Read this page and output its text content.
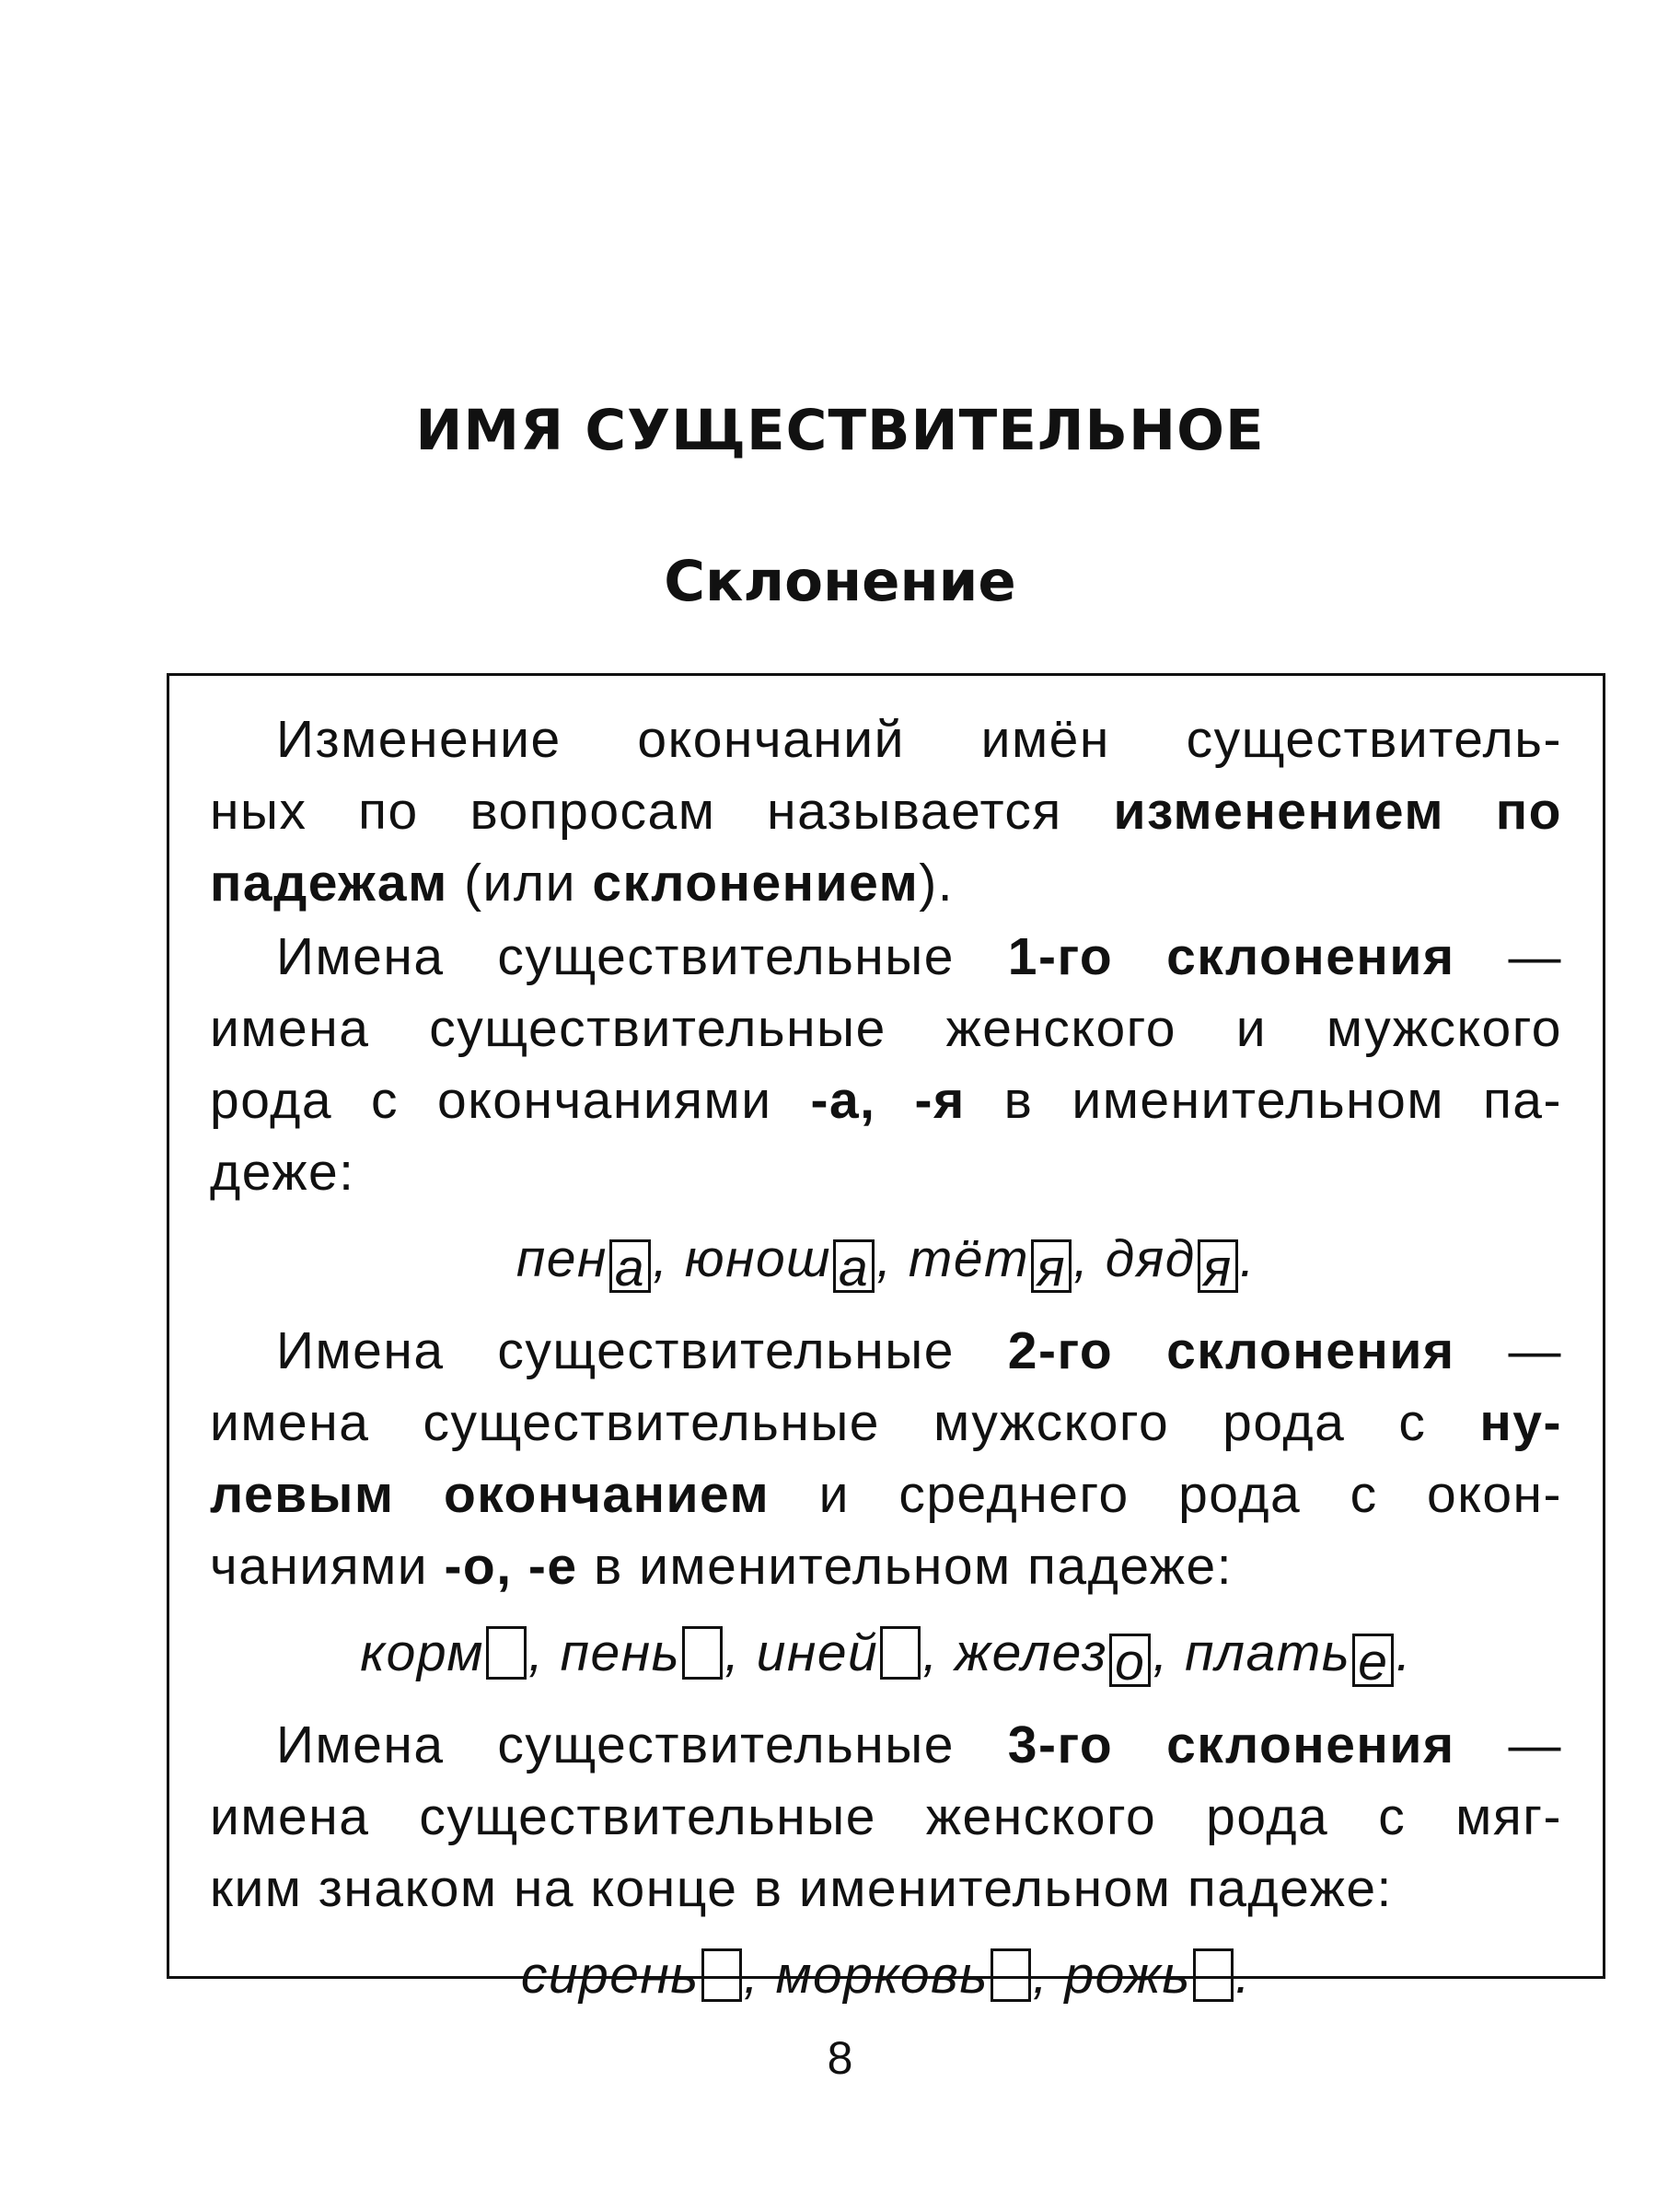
ИМЯ СУЩЕСТВИТЕЛЬНОЕ
Склонение

Изменение окончаний имён существитель-
ных по вопросам называется изменением по
падежам (или склонением).

Имена существительные 1-го склонения —
имена существительные женского и мужского
рода с окончаниями -а, -я в именительном па-
деже:

пен а , юнош а , тёт я , дяд я .

Имена существительные 2-го склонения —
имена существительные мужского рода с ну-
левым окончанием и среднего рода с окон-
чаниями -о, -е в именительном падеже:

корм , пень , иней , желез о , плать е .

Имена существительные 3-го склонения —
имена существительные женского рода с мяг-
ким знаком на конце в именительном падеже:

сирень , морковь , рожь .
8
